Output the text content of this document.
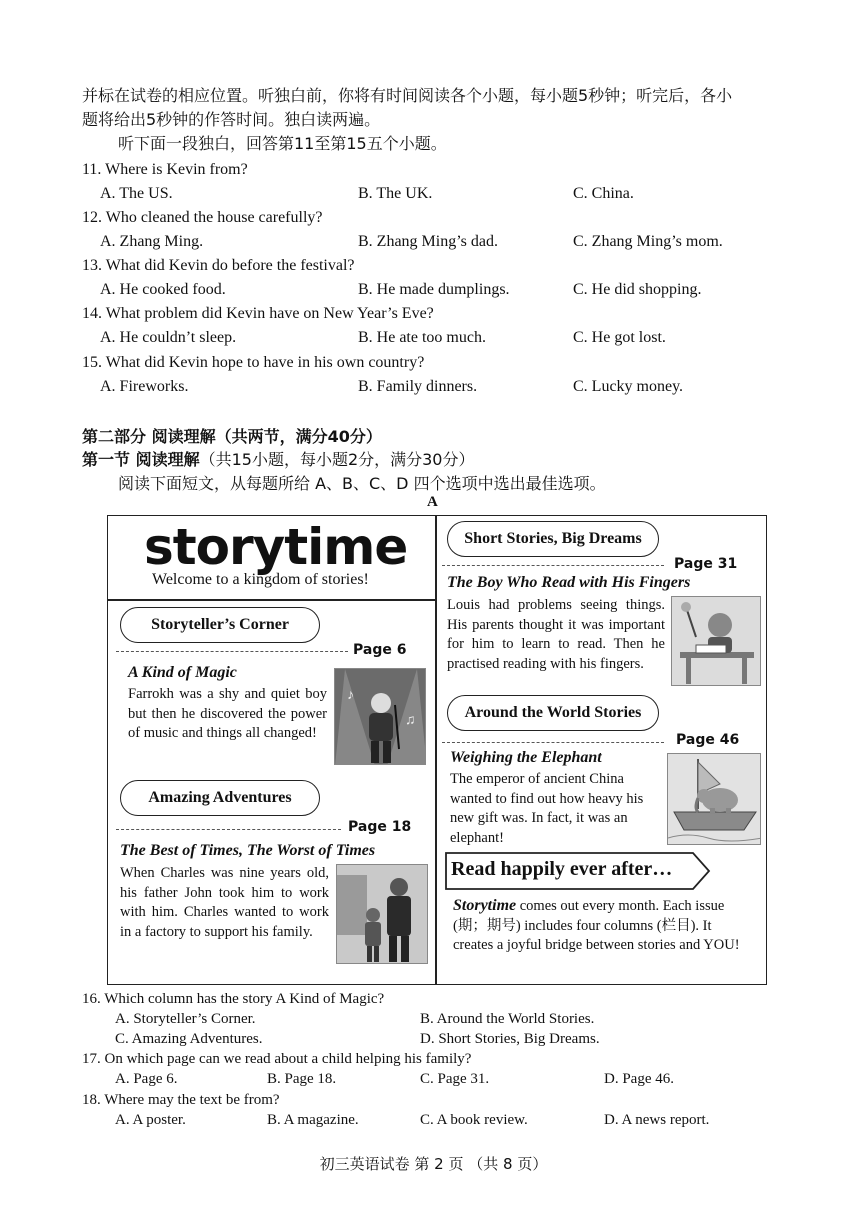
并标在试卷的相应位置。听独白前，你将有时间阅读各个小题，每小题5秒钟；听完后，各小
题将给出5秒钟的作答时间。独白读两遍。
听下面一段独白，回答第11至第15五个小题。
11. Where is Kevin from?
A. The US.	B. The UK.	C. China.
12. Who cleaned the house carefully?
A. Zhang Ming.	B. Zhang Ming’s dad.	C. Zhang Ming’s mom.
13. What did Kevin do before the festival?
A. He cooked food.	B. He made dumplings.	C. He did shopping.
14. What problem did Kevin have on New Year’s Eve?
A. He couldn’t sleep.	B. He ate too much.	C. He got lost.
15. What did Kevin hope to have in his own country?
A. Fireworks.	B. Family dinners.	C. Lucky money.
第二部分 阅读理解（共两节，满分40分）
第一节 阅读理解（共15小题，每小题2分，满分30分）
阅读下面短文，从每题所给 A、B、C、D 四个选项中选出最佳选项。
A
storytime
Welcome to a kingdom of stories!
Storyteller’s Corner
Page 6
A Kind of Magic
Farrokh was a shy and quiet boy but then he discovered the power of music and things all changed!
♪
♫
Amazing Adventures
Page 18
The Best of Times, The Worst of Times
When Charles was nine years old, his father John took him to work with him. Charles wanted to work in a factory to support his family.
Short Stories, Big Dreams
Page 31
The Boy Who Read with His Fingers
Louis had problems seeing things. His parents thought it was important for him to learn to read. Then he practised reading with his fingers.
Around the World Stories
Page 46
Weighing the Elephant
The emperor of ancient China wanted to find out how heavy his new gift was. In fact, it was an elephant!
Read happily ever after…
Storytime comes out every month. Each issue (期；期号) includes four columns (栏目). It creates a joyful bridge between stories and YOU!
16. Which column has the story A Kind of Magic?
A. Storyteller’s Corner.	B. Around the World Stories.
C. Amazing Adventures.	D. Short Stories, Big Dreams.
17. On which page can we read about a child helping his family?
A. Page 6.	B. Page 18.	C. Page 31.	D. Page 46.
18. Where may the text be from?
A. A poster.	B. A magazine.	C. A book review.	D. A news report.
初三英语试卷 第 2 页 （共 8 页）
